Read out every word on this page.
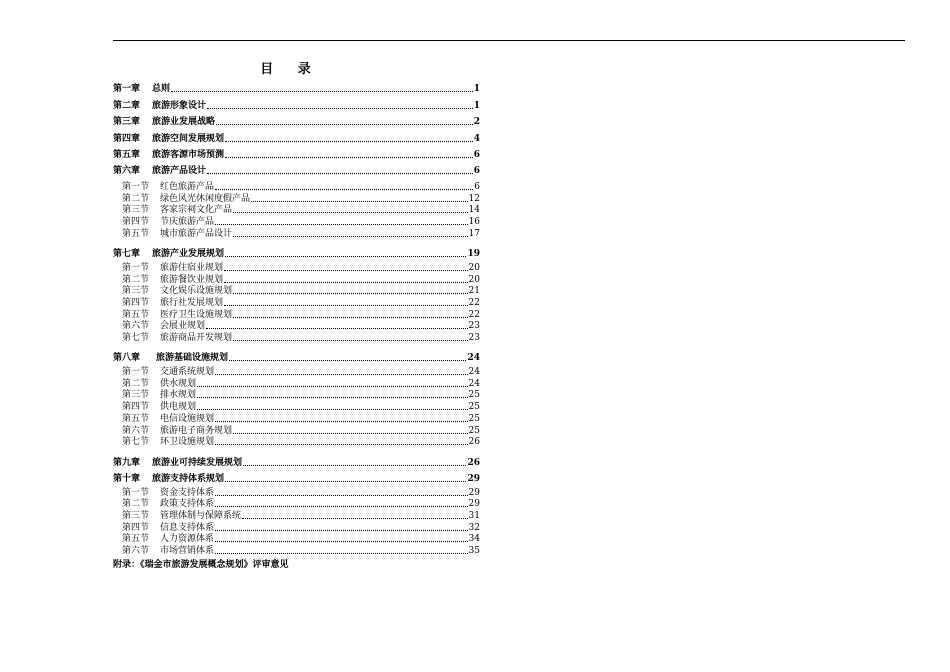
目 录
第一章	总则	1
第二章	旅游形象设计	1
第三章	旅游业发展战略	2
第四章	旅游空间发展规划	4
第五章	旅游客源市场预测	6
第六章	旅游产品设计	6
第一节	红色旅游产品	6
第二节	绿色风光休闲度假产品	12
第三节	客家宗祠文化产品	14
第四节	节庆旅游产品	16
第五节	城市旅游产品设计	17
第七章	旅游产业发展规划	19
第一节	旅游住宿业规划	20
第二节	旅游餐饮业规划	20
第三节	文化娱乐设施规划	21
第四节	旅行社发展规划	22
第五节	医疗卫生设施规划	22
第六节	会展业规划	23
第七节	旅游商品开发规划	23
第八章	旅游基础设施规划	24
第一节	交通系统规划	24
第二节	供水规划	24
第三节	排水规划	25
第四节	供电规划	25
第五节	电信设施规划	25
第六节	旅游电子商务规划	25
第七节	环卫设施规划	26
第九章	旅游业可持续发展规划	26
第十章	旅游支持体系规划	29
第一节	资金支持体系	29
第二节	政策支持体系	29
第三节	管理体制与保障系统	31
第四节	信息支持体系	32
第五节	人力资源体系	34
第六节	市场营销体系	35
附录：《瑞金市旅游发展概念规划》评审意见
